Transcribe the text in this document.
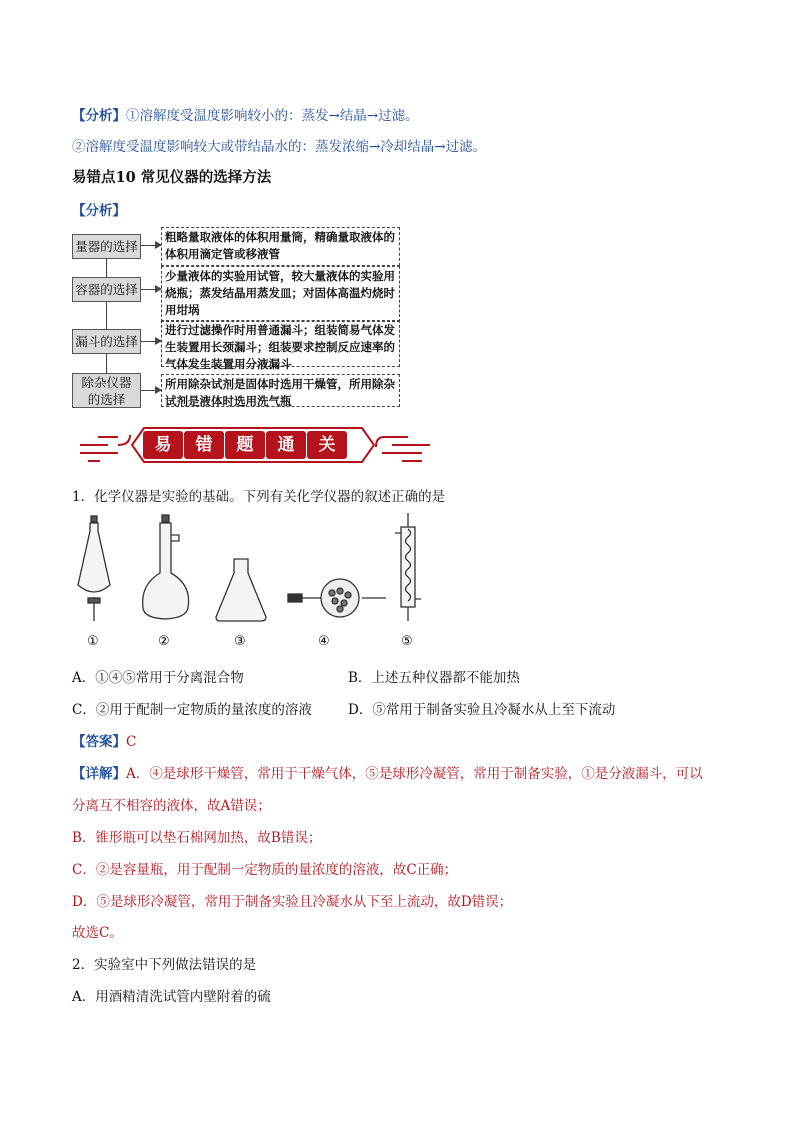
【分析】①溶解度受温度影响较小的：蒸发→结晶→过滤。
②溶解度受温度影响较大或带结晶水的：蒸发浓缩→冷却结晶→过滤。
易错点10 常见仪器的选择方法
【分析】
量器的选择
粗略量取液体的体积用量筒，精确量取液体的体积用滴定管或移液管
容器的选择
少量液体的实验用试管，较大量液体的实验用烧瓶；蒸发结晶用蒸发皿；对固体高温灼烧时用坩埚
漏斗的选择
进行过滤操作时用普通漏斗；组装简易气体发生装置用长颈漏斗；组装要求控制反应速率的气体发生装置用分液漏斗
除杂仪器的选择
所用除杂试剂是固体时选用干燥管，所用除杂试剂是液体时选用洗气瓶
易	错	题	通	关
1．化学仪器是实验的基础。下列有关化学仪器的叙述正确的是
①	②	③	④	⑤
A．①④⑤常用于分离混合物	B．上述五种仪器都不能加热
C．②用于配制一定物质的量浓度的溶液	D．⑤常用于制备实验且冷凝水从上至下流动
【答案】C
【详解】A．④是球形干燥管，常用于干燥气体，⑤是球形冷凝管，常用于制备实验，①是分液漏斗，可以
分离互不相容的液体，故A错误；
B．锥形瓶可以垫石棉网加热，故B错误；
C．②是容量瓶，用于配制一定物质的量浓度的溶液，故C正确；
D．⑤是球形冷凝管，常用于制备实验且冷凝水从下至上流动，故D错误；
故选C。
2．实验室中下列做法错误的是
A．用酒精清洗试管内壁附着的硫
